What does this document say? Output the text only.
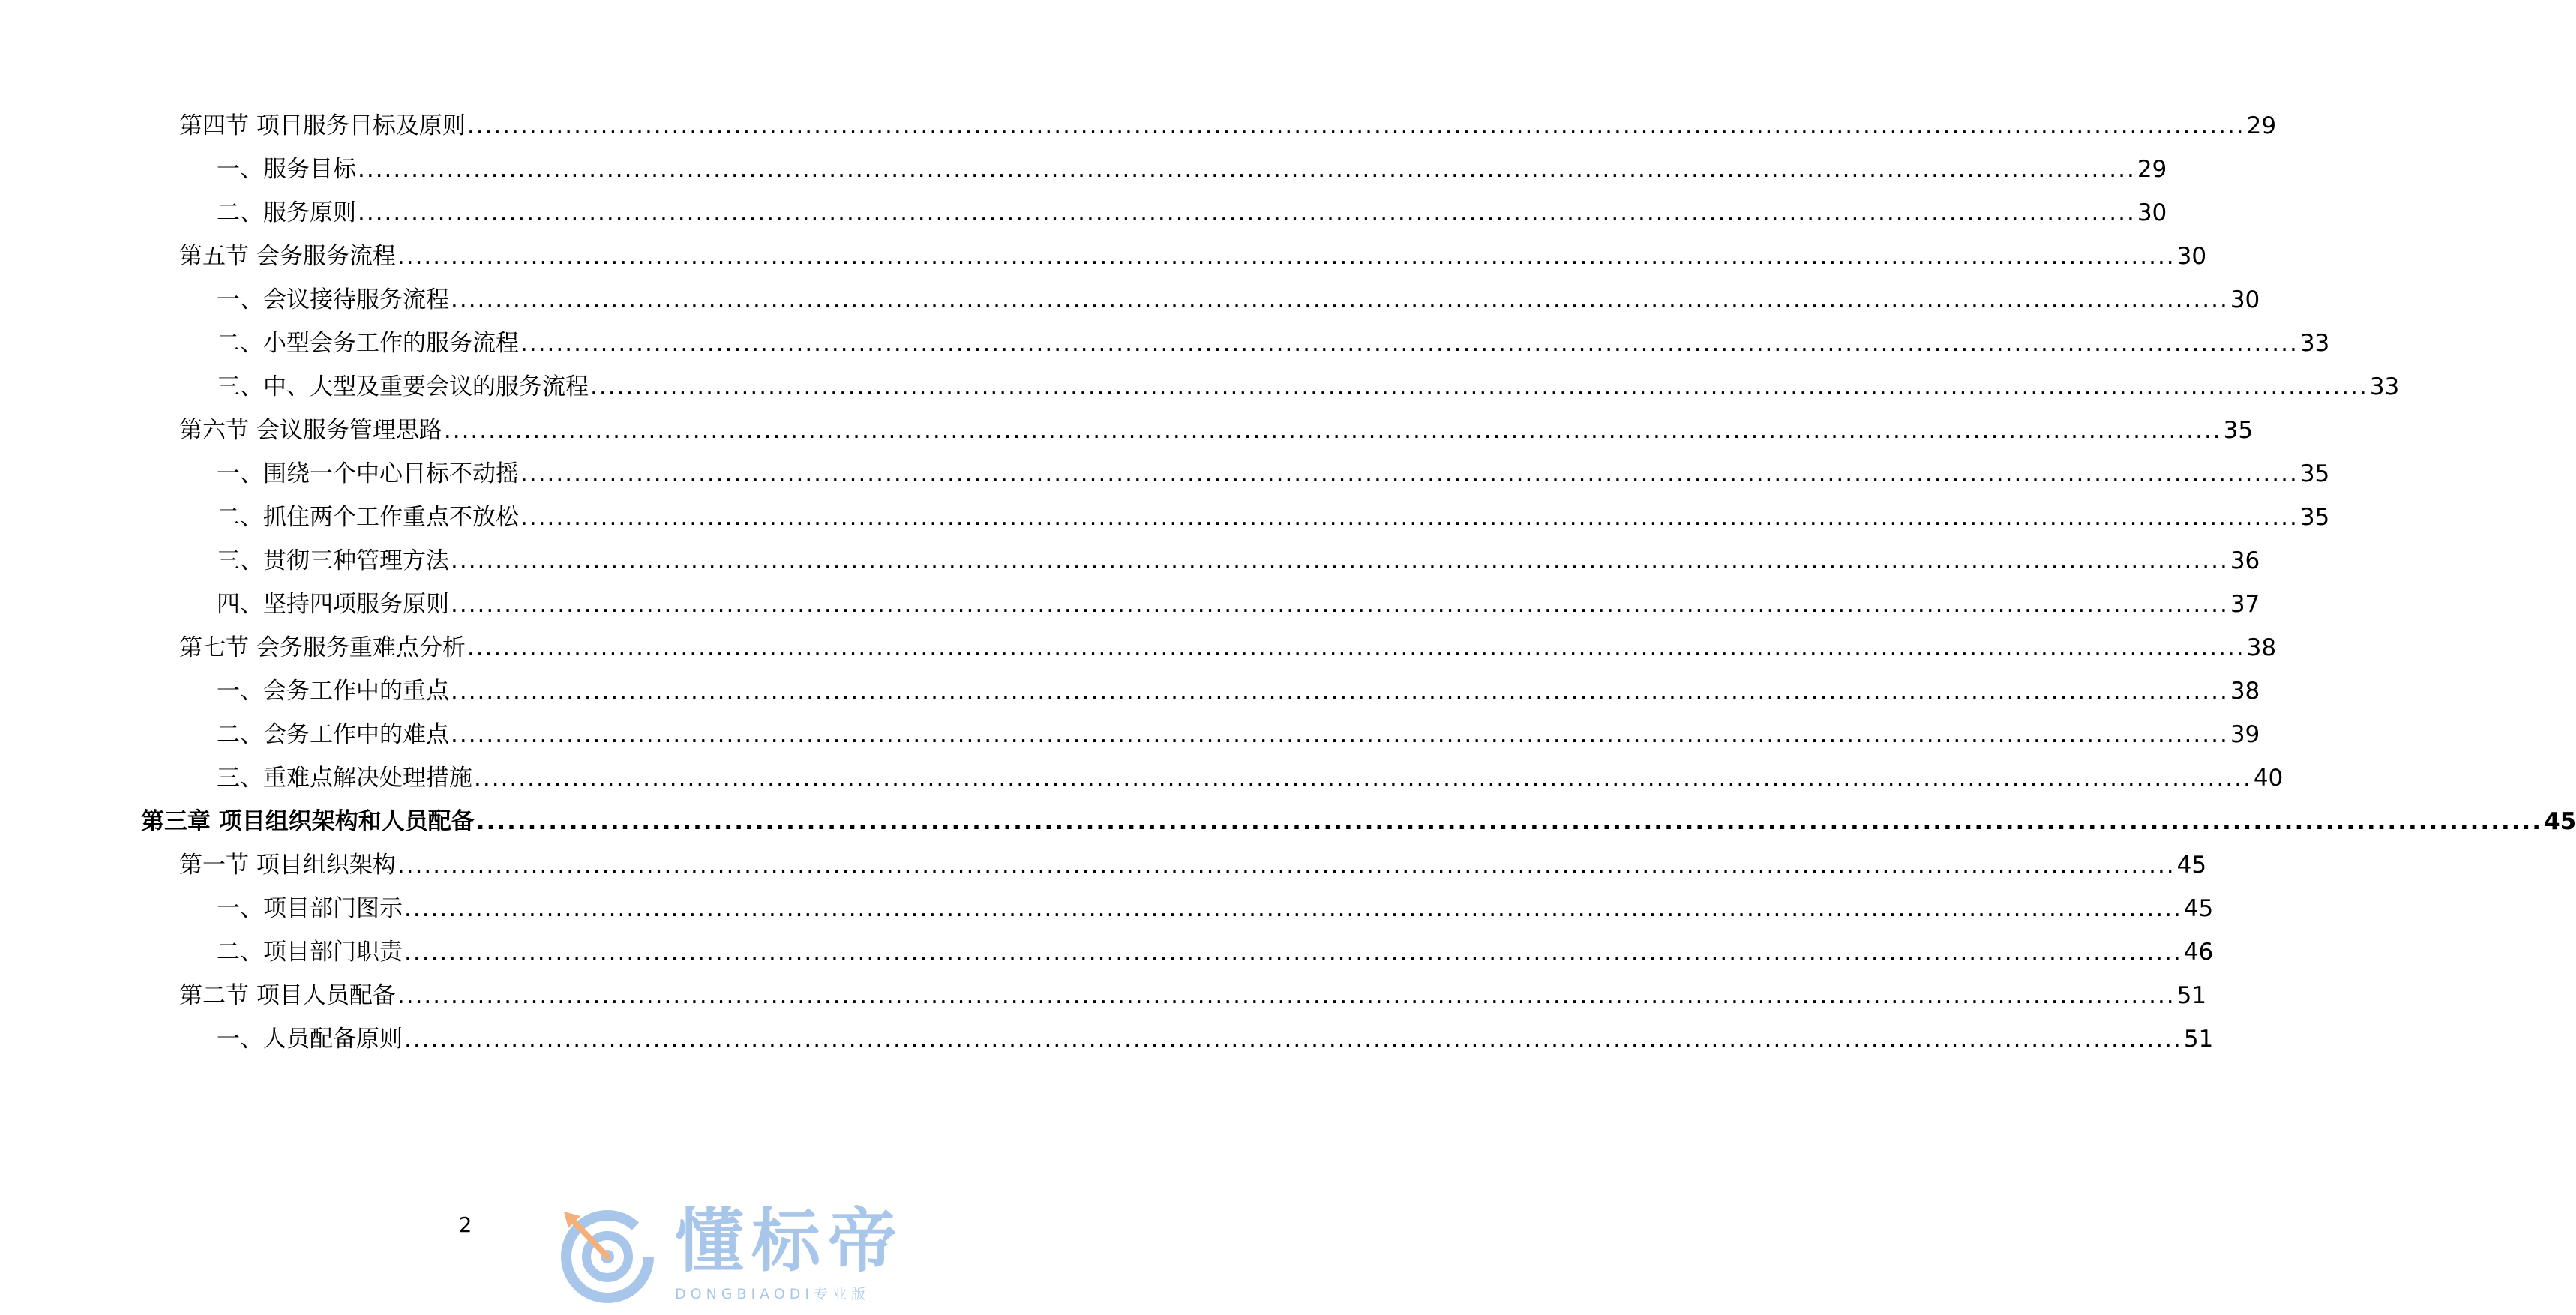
第四节 项目服务目标及原则 ........................................................................................................................................................................................................ 29
一、服务目标 ........................................................................................................................................................................................................ 29
二、服务原则 ........................................................................................................................................................................................................ 30
第五节 会务服务流程 ........................................................................................................................................................................................................ 30
一、会议接待服务流程 ........................................................................................................................................................................................................ 30
二、小型会务工作的服务流程 ........................................................................................................................................................................................................ 33
三、中、大型及重要会议的服务流程 ........................................................................................................................................................................................................ 33
第六节 会议服务管理思路 ........................................................................................................................................................................................................ 35
一、围绕一个中心目标不动摇 ........................................................................................................................................................................................................ 35
二、抓住两个工作重点不放松 ........................................................................................................................................................................................................ 35
三、贯彻三种管理方法 ........................................................................................................................................................................................................ 36
四、坚持四项服务原则 ........................................................................................................................................................................................................ 37
第七节 会务服务重难点分析 ........................................................................................................................................................................................................ 38
一、会务工作中的重点 ........................................................................................................................................................................................................ 38
二、会务工作中的难点 ........................................................................................................................................................................................................ 39
三、重难点解决处理措施 ........................................................................................................................................................................................................ 40
第三章 项目组织架构和人员配备 ........................................................................................................................................................................................................ 45
第一节 项目组织架构 ........................................................................................................................................................................................................ 45
一、项目部门图示 ........................................................................................................................................................................................................ 45
二、项目部门职责 ........................................................................................................................................................................................................ 46
第二节 项目人员配备 ........................................................................................................................................................................................................ 51
一、人员配备原则 ........................................................................................................................................................................................................ 51
2	懂标帝
DONGBIAODI专业版
